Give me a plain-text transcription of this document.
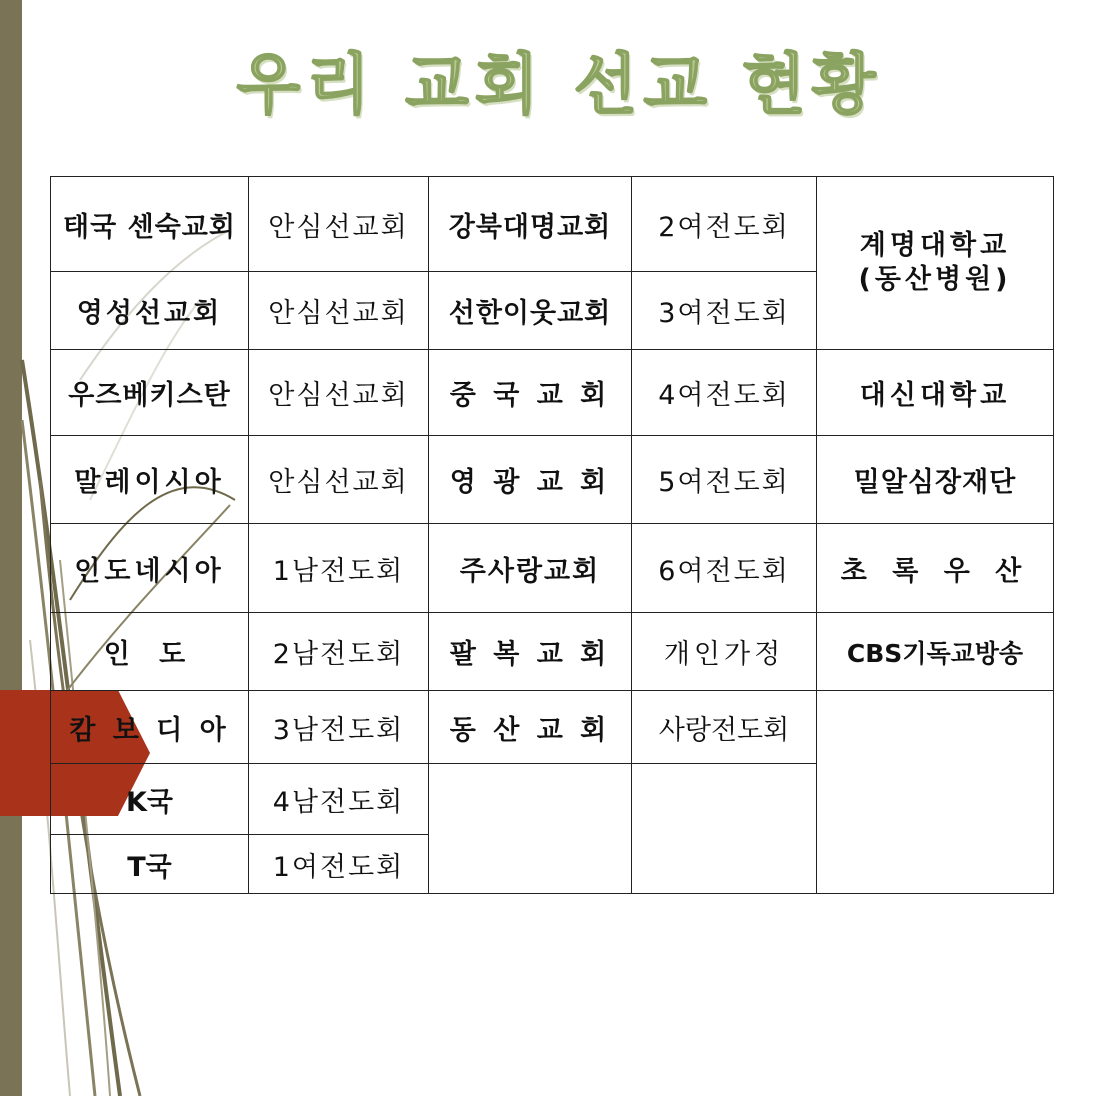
우리 교회 선교 현황
태국 센숙교회	안심선교회	강북대명교회	2여전도회	계명대학교
(동산병원)

영성선교회	안심선교회	선한이웃교회	3여전도회	
우즈베키스탄	안심선교회	중 국 교 회	4여전도회	대신대학교
말레이시아	안심선교회	영 광 교 회	5여전도회	밀알심장재단
인도네시아	1남전도회	주사랑교회	6여전도회	초 록 우 산
인 도	2남전도회	팔 복 교 회	개인가정	CBS기독교방송
캄 보 디 아	3남전도회	동 산 교 회	사랑전도회	
K국	4남전도회			
T국	1여전도회			
